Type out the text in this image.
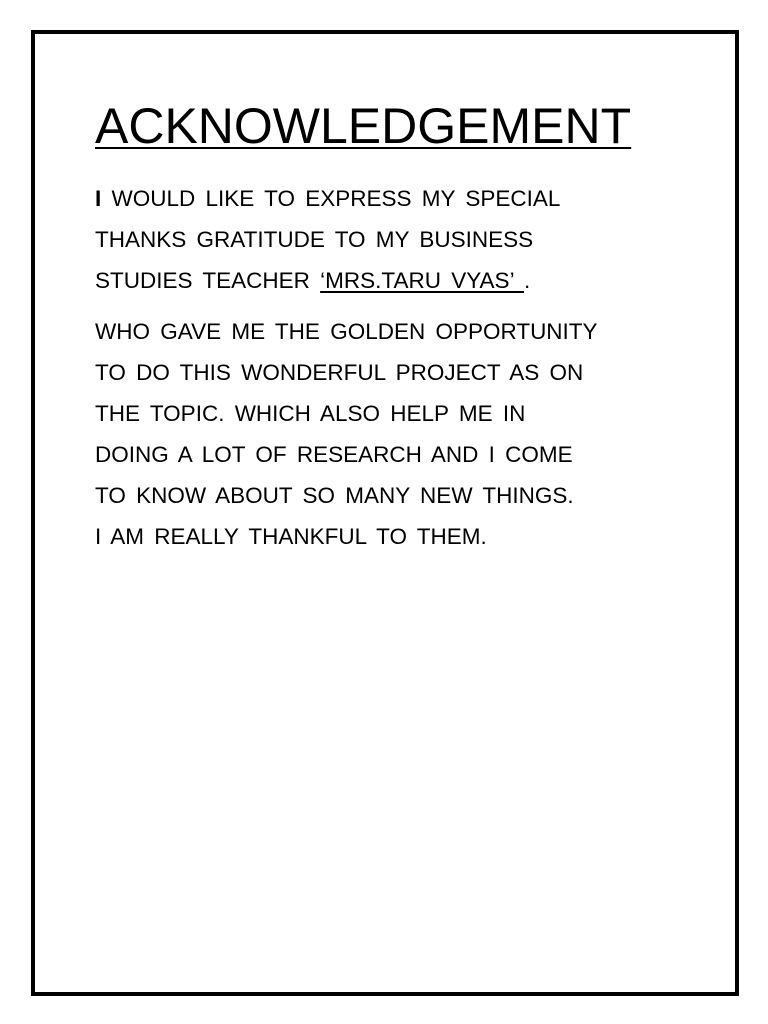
ACKNOWLEDGEMENT

I WOULD LIKE TO EXPRESS MY SPECIAL
THANKS GRATITUDE TO MY BUSINESS
STUDIES TEACHER ‘MRS.TARU VYAS’ .

WHO GAVE ME THE GOLDEN OPPORTUNITY
TO DO THIS WONDERFUL PROJECT AS ON
THE TOPIC. WHICH ALSO HELP ME IN
DOING A LOT OF RESEARCH AND I COME
TO KNOW ABOUT SO MANY NEW THINGS.
I AM REALLY THANKFUL TO THEM.
